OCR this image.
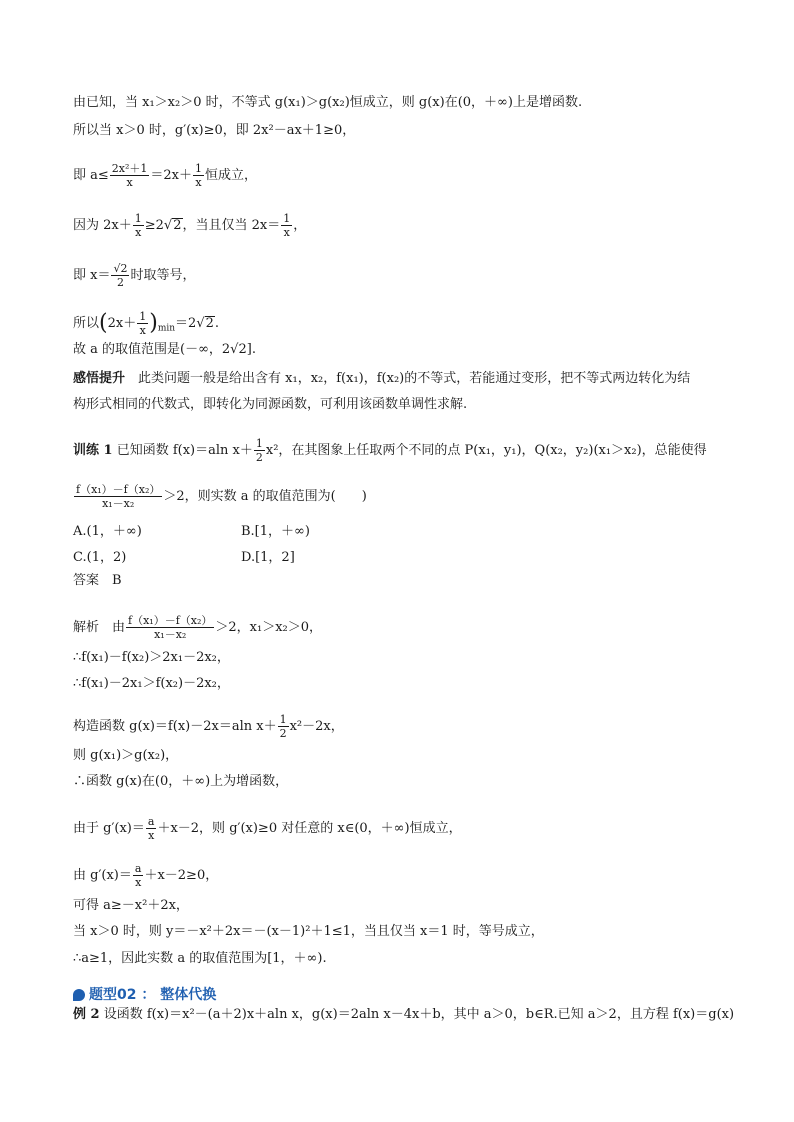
由已知，当 x₁＞x₂＞0 时，不等式 g(x₁)＞g(x₂)恒成立，则 g(x)在(0，＋∞)上是增函数.
所以当 x＞0 时，g′(x)≥0，即 2x²－ax＋1≥0，
即 $a\le \frac{\text{2x²＋1}}{x} =2x+ \frac{1}{x}$ 恒成立，
因为 $2x+ \frac{1}{x} \ge 2√2$，当且仅当 $2x= \frac{1}{x}$ ，
即 $x= \frac{√2}{2}$ 时取等号，
所以$(2x+ \frac{1}{x} )_{min}=2√2$.
故 a 的取值范围是(－∞，2√2].
感悟提升　此类问题一般是给出含有 x₁，x₂，f(x₁)，f(x₂)的不等式，若能通过变形，把不等式两边转化为结
构形式相同的代数式，即转化为同源函数，可利用该函数单调性求解.
训练 1 已知函数 f(x)＝aln $x+ \frac{1}{2} x^2$，在其图象上任取两个不同的点 P(x₁，y₁)，Q(x₂，y₂)(x₁＞x₂)，总能使得
$\frac{\text{f（x₁）－f（x₂）}}{\text{x₁－x₂}} >2$，则实数 a 的取值范围为(　　)
A.(1，＋∞)	B.[1，＋∞)
C.(1，2)	D.[1，2]
答案　B
解析　由 $\frac{\text{f（x₁）－f（x₂）}}{\text{x₁－x₂}} >2$，x₁＞x₂＞0，
∴f(x₁)－f(x₂)＞2x₁－2x₂，
∴f(x₁)－2x₁＞f(x₂)－2x₂，
构造函数 g(x)＝f(x)－2x＝aln $x+ \frac{1}{2} x^2-2x$，
则 g(x₁)＞g(x₂)，
∴函数 g(x)在(0，＋∞)上为增函数，
由于 $g'(x)= \frac{a}{x} +x-2$，则 g′(x)≥0 对任意的 x∈(0，＋∞)恒成立，
由 $g'(x)= \frac{a}{x} +x-2\ge 0$，
可得 a≥－x²＋2x，
当 x＞0 时，则 y＝－x²＋2x＝－(x－1)²＋1≤1，当且仅当 x＝1 时，等号成立，
∴a≥1，因此实数 a 的取值范围为[1，＋∞).
题型02 ： 整体代换
例 2 设函数 f(x)＝x²－(a＋2)x＋aln x，g(x)＝2aln x－4x＋b，其中 a＞0，b∈R.已知 a＞2，且方程 f(x)＝g(x)
